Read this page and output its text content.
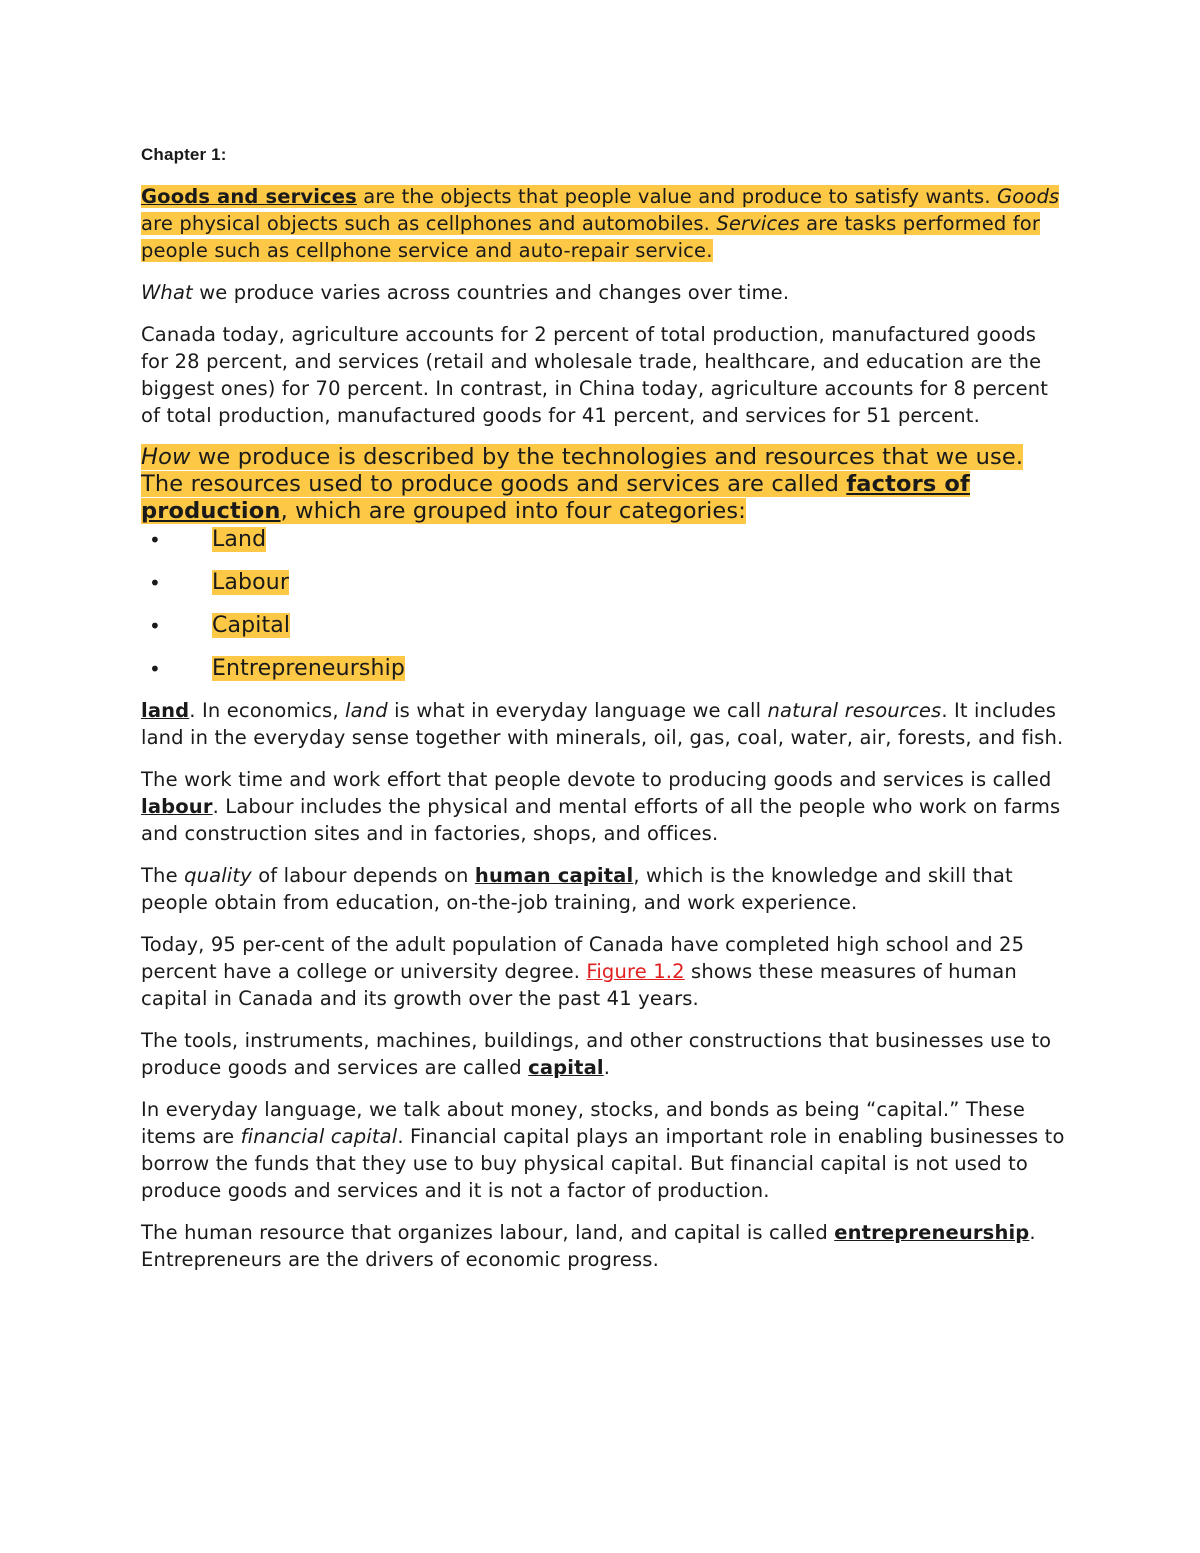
Chapter 1:

Goods and services are the objects that people value and produce to satisfy wants. Goods are physical objects such as cellphones and automobiles. Services are tasks performed for people such as cellphone service and auto-repair service.

What we produce varies across countries and changes over time.

Canada today, agriculture accounts for 2 percent of total production, manufactured goods for 28 percent, and services (retail and wholesale trade, healthcare, and education are the biggest ones) for 70 percent. In contrast, in China today, agriculture accounts for 8 percent of total production, manufactured goods for 41 percent, and services for 51 percent.

How we produce is described by the technologies and resources that we use. The resources used to produce goods and services are called factors of production, which are grouped into four categories:

• Land
• Labour
• Capital
• Entrepreneurship

land. In economics, land is what in everyday language we call natural resources. It includes land in the everyday sense together with minerals, oil, gas, coal, water, air, forests, and fish.

The work time and work effort that people devote to producing goods and services is called labour. Labour includes the physical and mental efforts of all the people who work on farms and construction sites and in factories, shops, and offices.

The quality of labour depends on human capital, which is the knowledge and skill that people obtain from education, on-the-job training, and work experience.

Today, 95 per-cent of the adult population of Canada have completed high school and 25 percent have a college or university degree. Figure 1.2 shows these measures of human capital in Canada and its growth over the past 41 years.

The tools, instruments, machines, buildings, and other constructions that businesses use to produce goods and services are called capital.

In everyday language, we talk about money, stocks, and bonds as being “capital.” These items are financial capital. Financial capital plays an important role in enabling businesses to borrow the funds that they use to buy physical capital. But financial capital is not used to produce goods and services and it is not a factor of production.

The human resource that organizes labour, land, and capital is called entrepreneurship. Entrepreneurs are the drivers of economic progress.
